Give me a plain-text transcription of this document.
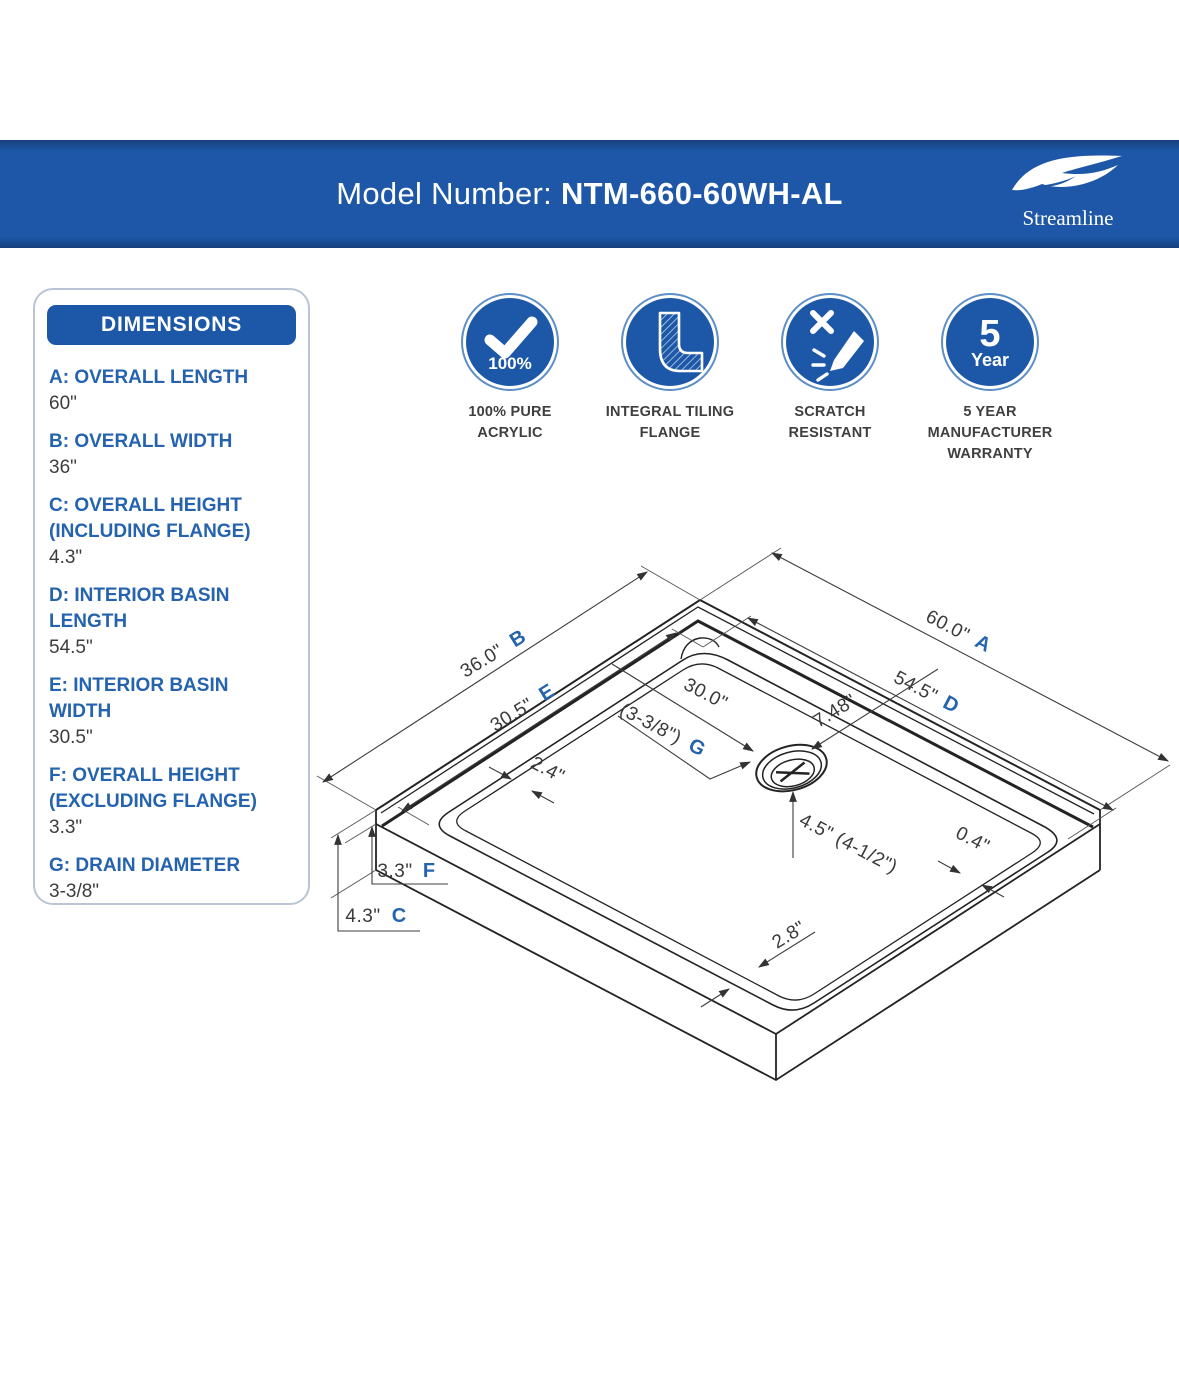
Model Number: NTM-660-60WH-AL
Streamline
DIMENSIONS
A: OVERALL LENGTH
60"
B: OVERALL WIDTH
36"
C: OVERALL HEIGHT (INCLUDING FLANGE)
4.3"
D: INTERIOR BASIN LENGTH
54.5"
E: INTERIOR BASIN WIDTH
30.5"
F: OVERALL HEIGHT (EXCLUDING FLANGE)
3.3"
G: DRAIN DIAMETER
3-3/8"
100%
100% PURE ACRYLIC
INTEGRAL TILING FLANGE
SCRATCH RESISTANT
5
Year
5 YEAR MANUFACTURER WARRANTY
36.0"
B
30.5"
E
60.0"
A
54.5"
D
30.0"
(3-3/8") G
7.48"
4.5" (4-1/2")
2.4"
0.4"
2.8"
3.3" F
4.3" C
